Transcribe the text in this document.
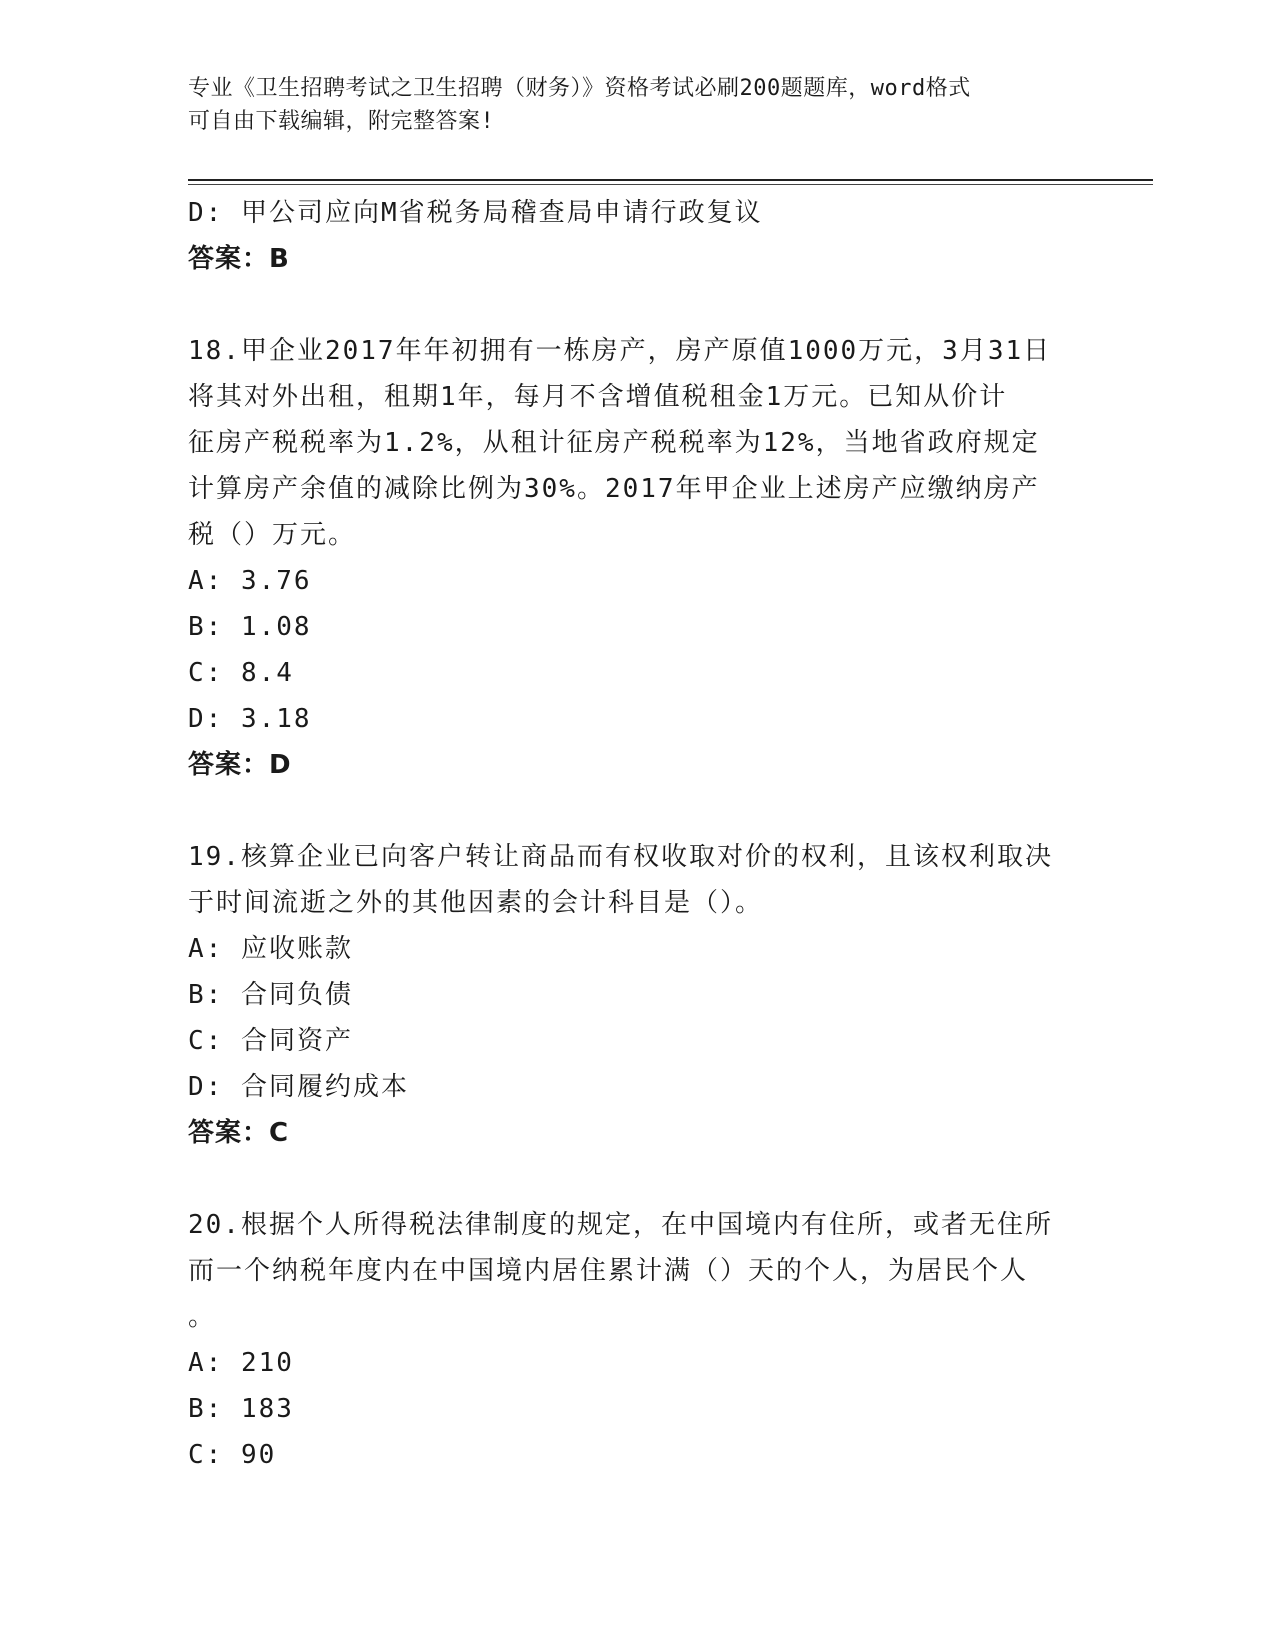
专业《卫生招聘考试之卫生招聘（财务）》资格考试必刷200题题库，word格式
可自由下载编辑，附完整答案!
D: 甲公司应向M省税务局稽查局申请行政复议
答案：B
18.甲企业2017年年初拥有一栋房产，房产原值1000万元，3月31日
将其对外出租，租期1年，每月不含增值税租金1万元。已知从价计
征房产税税率为1.2%，从租计征房产税税率为12%，当地省政府规定
计算房产余值的减除比例为30%。2017年甲企业上述房产应缴纳房产
税（）万元。
A: 3.76
B: 1.08
C: 8.4
D: 3.18
答案：D
19.核算企业已向客户转让商品而有权收取对价的权利，且该权利取决
于时间流逝之外的其他因素的会计科目是（）。
A: 应收账款
B: 合同负债
C: 合同资产
D: 合同履约成本
答案：C
20.根据个人所得税法律制度的规定，在中国境内有住所，或者无住所
而一个纳税年度内在中国境内居住累计满（）天的个人，为居民个人
。
A: 210
B: 183
C: 90
